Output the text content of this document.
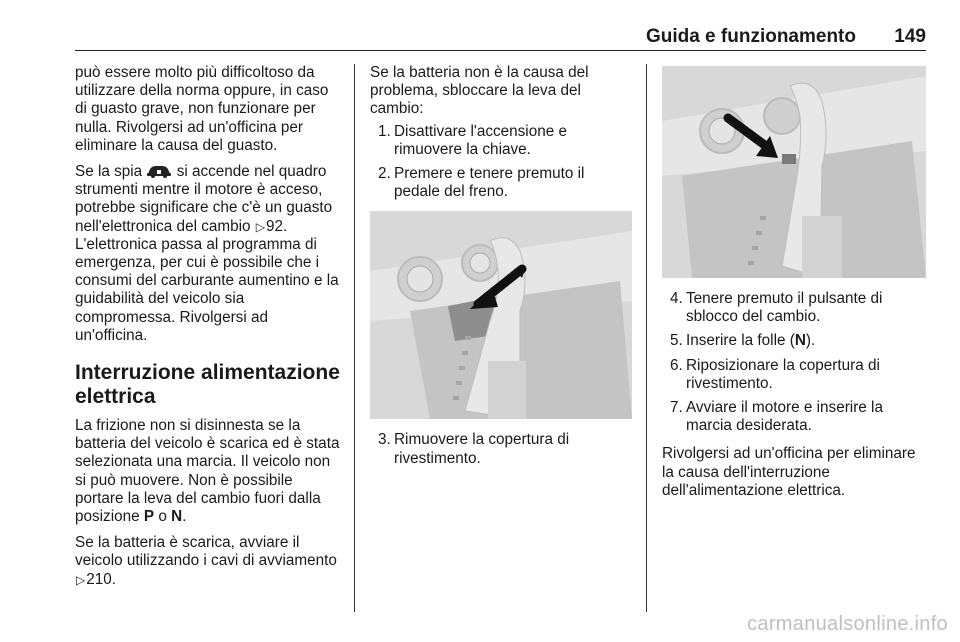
Guida e funzionamento 149

può essere molto più difficoltoso da utilizzare della norma oppure, in caso di guasto grave, non funzionare per nulla. Rivolgersi ad un'officina per eliminare la causa del guasto.

Se la spia si accende nel quadro strumenti mentre il motore è acceso, potrebbe significare che c'è un guasto nell'elettronica del cambio ▷92. L'elettronica passa al programma di emergenza, per cui è possibile che i consumi del carburante aumentino e la guidabilità del veicolo sia compromessa. Rivolgersi ad un'officina.

Interruzione alimentazione elettrica

La frizione non si disinnesta se la batteria del veicolo è scarica ed è stata selezionata una marcia. Il veicolo non si può muovere. Non è possibile portare la leva del cambio fuori dalla posizione P o N.

Se la batteria è scarica, avviare il veicolo utilizzando i cavi di avviamento ▷210.

Se la batteria non è la causa del problema, sbloccare la leva del cambio:

1. Disattivare l'accensione e rimuovere la chiave.
2. Premere e tenere premuto il pedale del freno.
3. Rimuovere la copertura di rivestimento.
4. Tenere premuto il pulsante di sblocco del cambio.
5. Inserire la folle (N).
6. Riposizionare la copertura di rivestimento.
7. Avviare il motore e inserire la marcia desiderata.

Rivolgersi ad un'officina per eliminare la causa dell'interruzione dell'alimentazione elettrica.

carmanualsonline.info
